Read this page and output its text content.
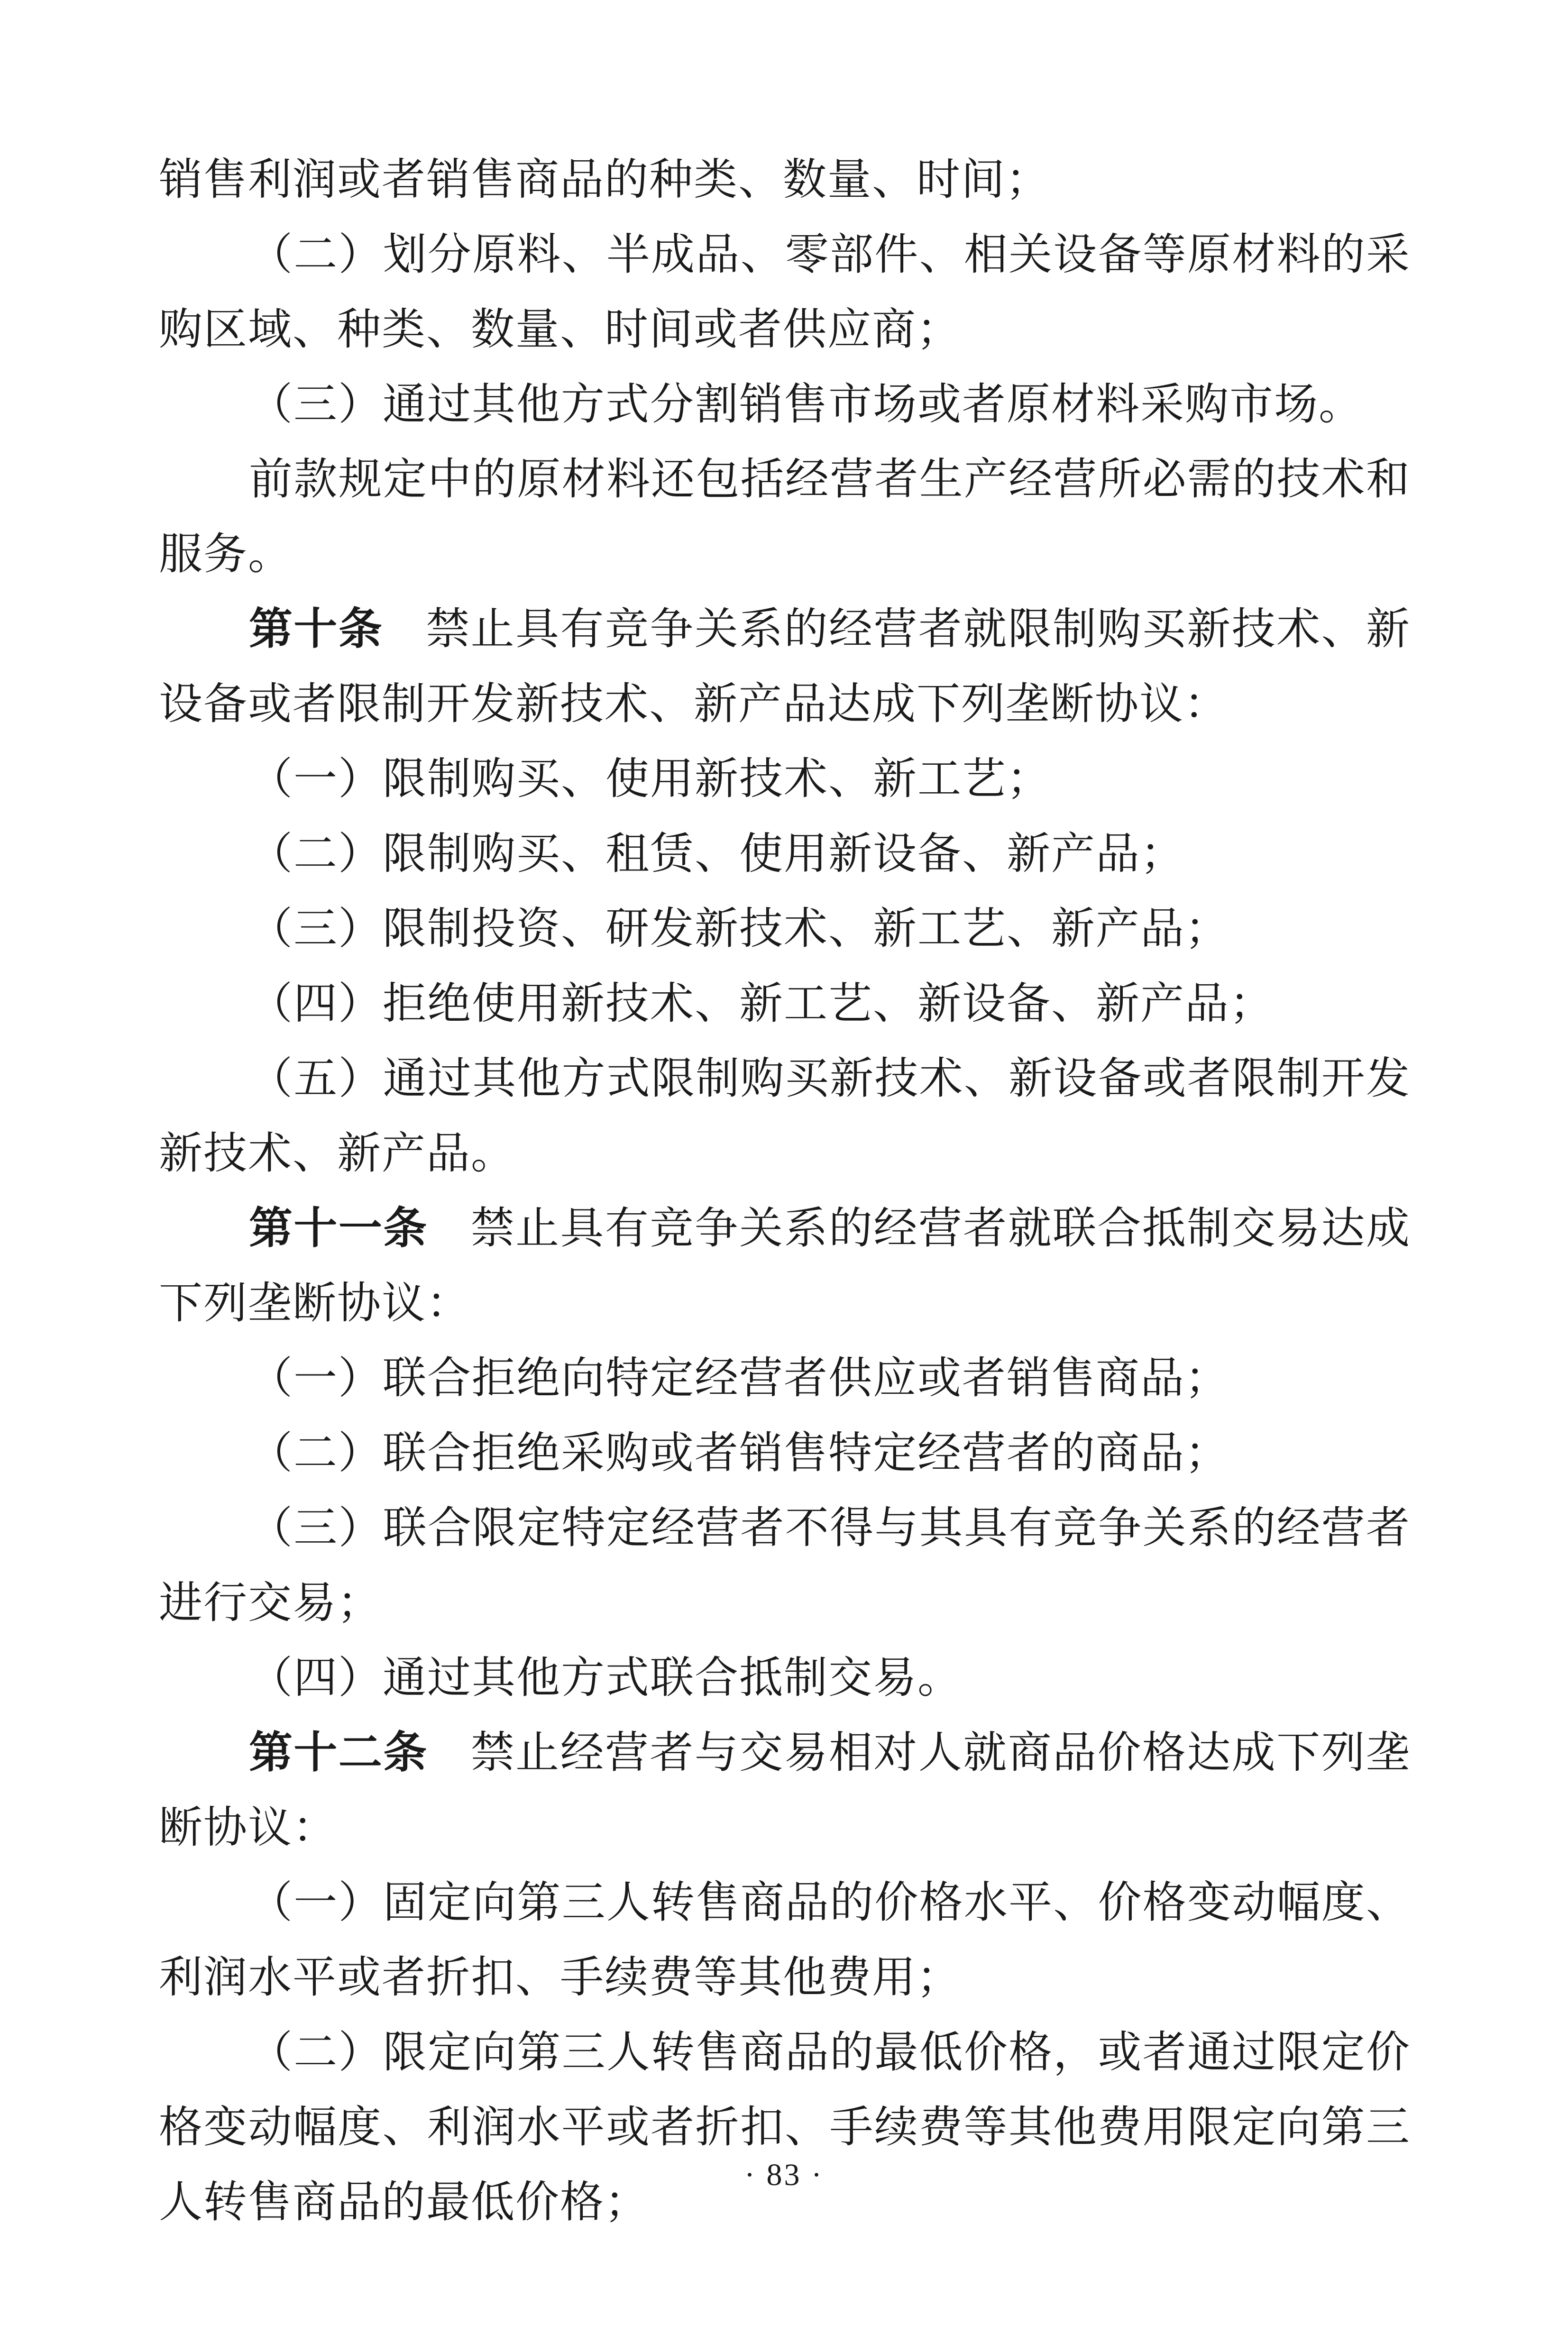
销售利润或者销售商品的种类、数量、时间；

（二）划分原料、半成品、零部件、相关设备等原材料的采购区域、种类、数量、时间或者供应商；

（三）通过其他方式分割销售市场或者原材料采购市场。

前款规定中的原材料还包括经营者生产经营所必需的技术和服务。

第十条 禁止具有竞争关系的经营者就限制购买新技术、新设备或者限制开发新技术、新产品达成下列垄断协议：

（一）限制购买、使用新技术、新工艺；

（二）限制购买、租赁、使用新设备、新产品；

（三）限制投资、研发新技术、新工艺、新产品；

（四）拒绝使用新技术、新工艺、新设备、新产品；

（五）通过其他方式限制购买新技术、新设备或者限制开发新技术、新产品。

第十一条 禁止具有竞争关系的经营者就联合抵制交易达成下列垄断协议：

（一）联合拒绝向特定经营者供应或者销售商品；

（二）联合拒绝采购或者销售特定经营者的商品；

（三）联合限定特定经营者不得与其具有竞争关系的经营者进行交易；

（四）通过其他方式联合抵制交易。

第十二条 禁止经营者与交易相对人就商品价格达成下列垄断协议：

（一）固定向第三人转售商品的价格水平、价格变动幅度、利润水平或者折扣、手续费等其他费用；

（二）限定向第三人转售商品的最低价格，或者通过限定价格变动幅度、利润水平或者折扣、手续费等其他费用限定向第三人转售商品的最低价格；

· 83 ·
